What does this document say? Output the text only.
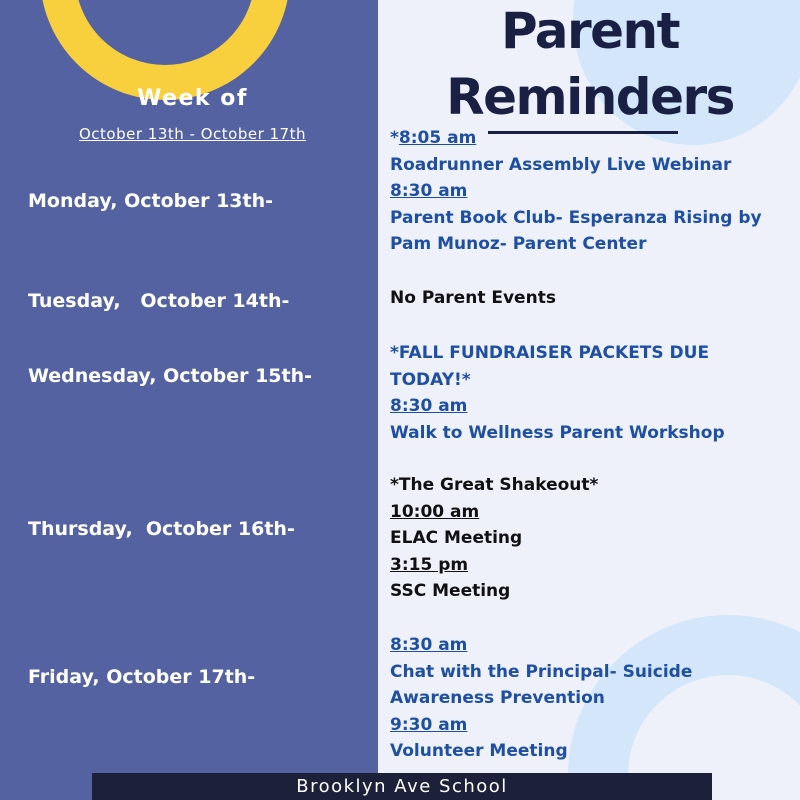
Parent
Reminders
Week of
October 13th - October 17th
Monday, October 13th-
Tuesday,   October 14th-
Wednesday, October 15th-
Thursday,  October 16th-
Friday, October 17th-
*8:05 am
Roadrunner Assembly Live Webinar
8:30 am
Parent Book Club- Esperanza Rising by
Pam Munoz- Parent Center
No Parent Events
*FALL FUNDRAISER PACKETS DUE
TODAY!*
8:30 am
Walk to Wellness Parent Workshop
*The Great Shakeout*
10:00 am
ELAC Meeting
3:15 pm
SSC Meeting
8:30 am
Chat with the Principal- Suicide
Awareness Prevention
9:30 am
Volunteer Meeting
Brooklyn Ave School
